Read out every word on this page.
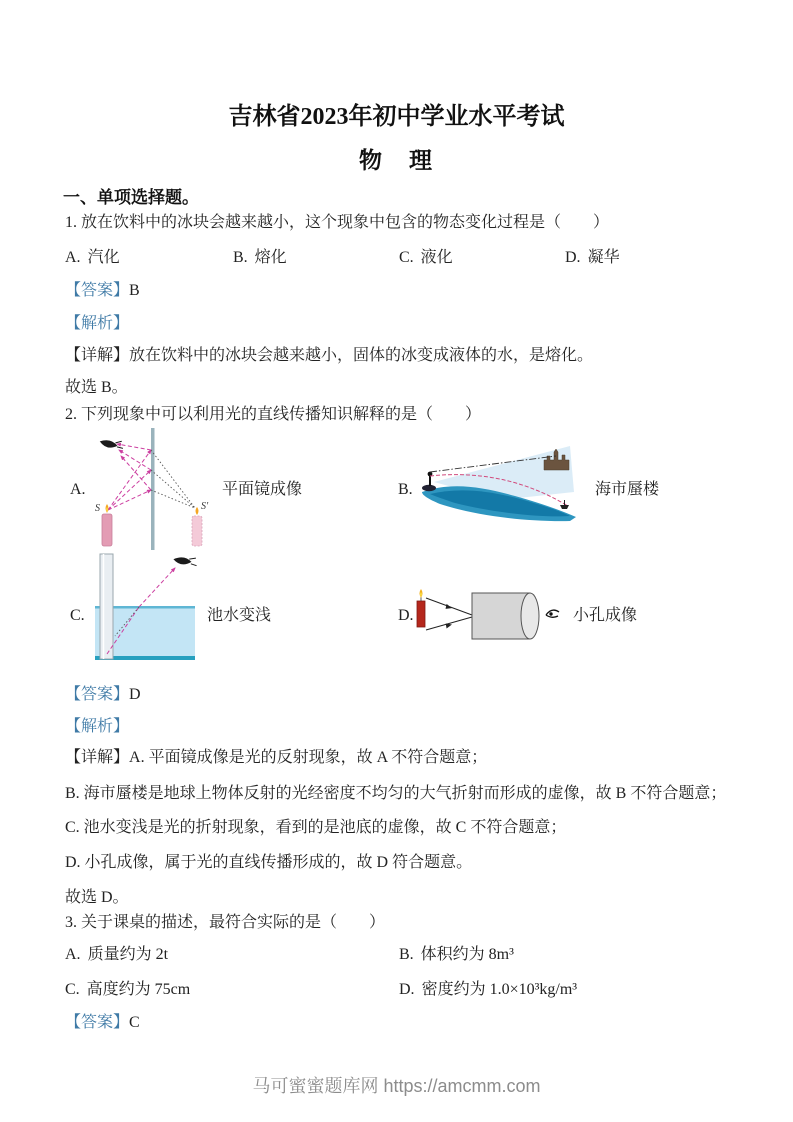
吉林省2023年初中学业水平考试
物　理
一、单项选择题。
1. 放在饮料中的冰块会越来越小，这个现象中包含的物态变化过程是（　　）
A. 汽化	B. 熔化	C. 液化	D. 凝华
【答案】B
【解析】
【详解】放在饮料中的冰块会越来越小，固体的冰变成液体的水，是熔化。
故选 B。
2. 下列现象中可以利用光的直线传播知识解释的是（　　）
A.
S	S′
平面镜成像	B.	海市蜃楼
C.	池水变浅	D.	小孔成像
【答案】D
【解析】
【详解】A. 平面镜成像是光的反射现象，故 A 不符合题意；
B. 海市蜃楼是地球上物体反射的光经密度不均匀的大气折射而形成的虚像，故 B 不符合题意；
C. 池水变浅是光的折射现象，看到的是池底的虚像，故 C 不符合题意；
D. 小孔成像，属于光的直线传播形成的，故 D 符合题意。
故选 D。
3. 关于课桌的描述，最符合实际的是（　　）
A. 质量约为 2t	B. 体积约为 8m³
C. 高度约为 75cm	D. 密度约为 1.0×10³kg/m³
【答案】C
马可蜜蜜题库网 https://amcmm.com
